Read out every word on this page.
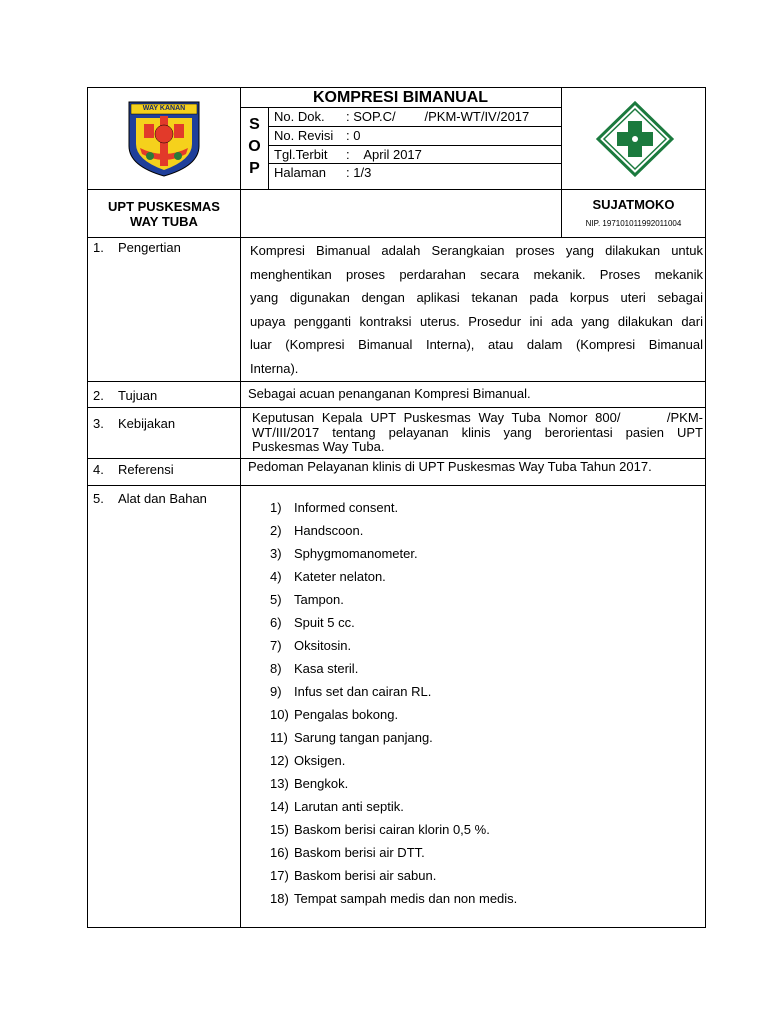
WAY KANAN
KOMPRESI BIMANUAL
S
O
P
No. Dok. : SOP.C/        /PKM-WT/IV/2017
No. Revisi : 0
Tgl.Terbit :    April 2017
Halaman : 1/3
UPT PUSKESMAS
WAY TUBA
SUJATMOKO
NIP. 197101011992011004
1. Pengertian	Kompresi Bimanual adalah Serangkaian proses yang dilakukan untuk
menghentikan proses perdarahan secara mekanik. Proses mekanik
yang digunakan dengan aplikasi tekanan pada korpus uteri sebagai
upaya pengganti kontraksi uterus. Prosedur ini ada yang dilakukan dari
luar (Kompresi Bimanual Interna), atau dalam (Kompresi Bimanual
Interna).
2. Tujuan	Sebagai acuan penanganan Kompresi Bimanual.
3. Kebijakan	Keputusan Kepala UPT Puskesmas Way Tuba Nomor 800/      /PKM-
WT/III/2017 tentang pelayanan klinis yang berorientasi pasien UPT
Puskesmas Way Tuba.
4. Referensi	Pedoman Pelayanan klinis di UPT Puskesmas Way Tuba Tahun 2017.
5. Alat dan Bahan
1) Informed consent.
2) Handscoon.
3) Sphygmomanometer.
4) Kateter nelaton.
5) Tampon.
6) Spuit 5 cc.
7) Oksitosin.
8) Kasa steril.
9) Infus set dan cairan RL.
10) Pengalas bokong.
11) Sarung tangan panjang.
12) Oksigen.
13) Bengkok.
14) Larutan anti septik.
15) Baskom berisi cairan klorin 0,5 %.
16) Baskom berisi air DTT.
17) Baskom berisi air sabun.
18) Tempat sampah medis dan non medis.
